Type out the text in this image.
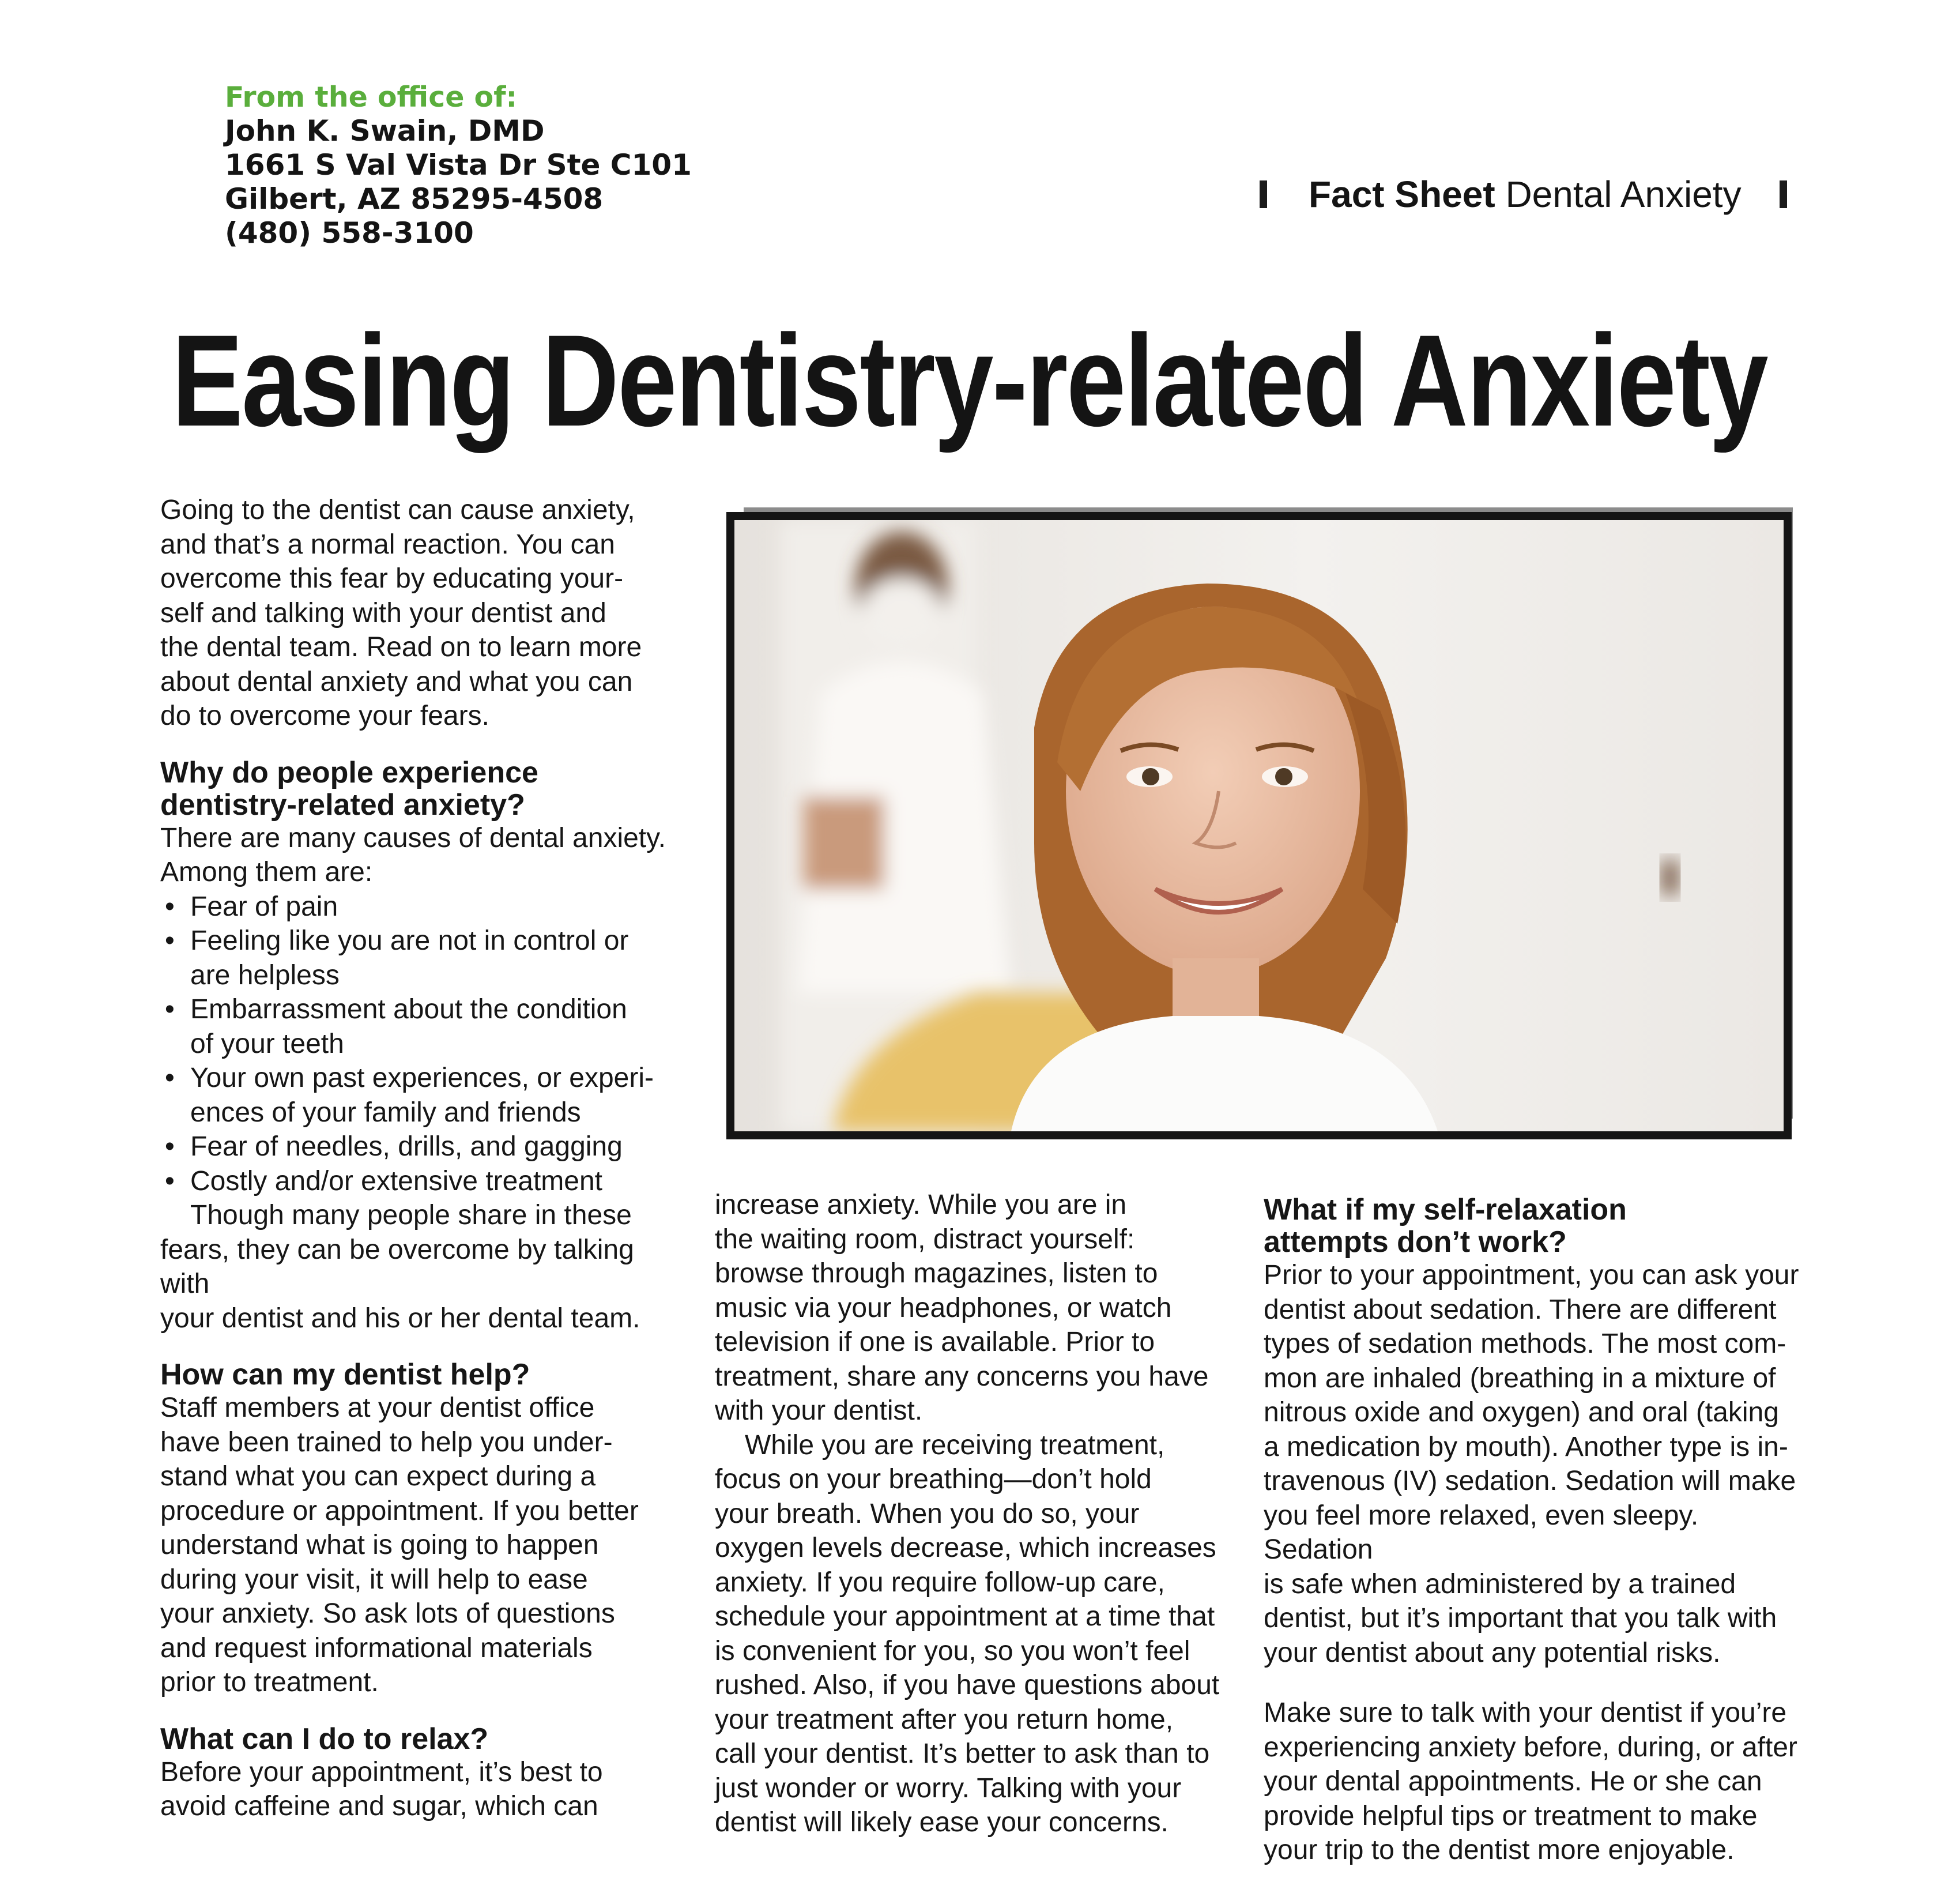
From the office of:
John K. Swain, DMD
1661 S Val Vista Dr Ste C101
Gilbert, AZ 85295-4508
(480) 558-3100
Fact Sheet Dental Anxiety
Easing Dentistry-related Anxiety

Going to the dentist can cause anxiety,

and that’s a normal reaction. You can

overcome this fear by educating your-

self and talking with your dentist and

the dental team. Read on to learn more

about dental anxiety and what you can

do to overcome your fears.

Why do people experience

dentistry-related anxiety?

There are many causes of dental anxiety.

Among them are:

• Fear of pain
• Feeling like you are not in control or
are helpless
• Embarrassment about the condition
of your teeth
• Your own past experiences, or experi-
ences of your family and friends
• Fear of needles, drills, and gagging
• Costly and/or extensive treatment

Though many people share in these

fears, they can be overcome by talking with

your dentist and his or her dental team.

How can my dentist help?

Staff members at your dentist office

have been trained to help you under-

stand what you can expect during a

procedure or appointment. If you better

understand what is going to happen

during your visit, it will help to ease

your anxiety. So ask lots of questions

and request informational materials

prior to treatment.

What can I do to relax?

Before your appointment, it’s best to

avoid caffeine and sugar, which can

increase anxiety. While you are in

the waiting room, distract yourself:

browse through magazines, listen to

music via your headphones, or watch

television if one is available. Prior to

treatment, share any concerns you have

with your dentist.

While you are receiving treatment,

focus on your breathing—don’t hold

your breath. When you do so, your

oxygen levels decrease, which increases

anxiety. If you require follow-up care,

schedule your appointment at a time that

is convenient for you, so you won’t feel

rushed. Also, if you have questions about

your treatment after you return home,

call your dentist. It’s better to ask than to

just wonder or worry. Talking with your

dentist will likely ease your concerns.

What if my self-relaxation

attempts don’t work?

Prior to your appointment, you can ask your

dentist about sedation. There are different

types of sedation methods. The most com-

mon are inhaled (breathing in a mixture of

nitrous oxide and oxygen) and oral (taking

a medication by mouth). Another type is in-

travenous (IV) sedation. Sedation will make

you feel more relaxed, even sleepy. Sedation

is safe when administered by a trained

dentist, but it’s important that you talk with

your dentist about any potential risks.

Make sure to talk with your dentist if you’re

experiencing anxiety before, during, or after

your dental appointments. He or she can

provide helpful tips or treatment to make

your trip to the dentist more enjoyable.
